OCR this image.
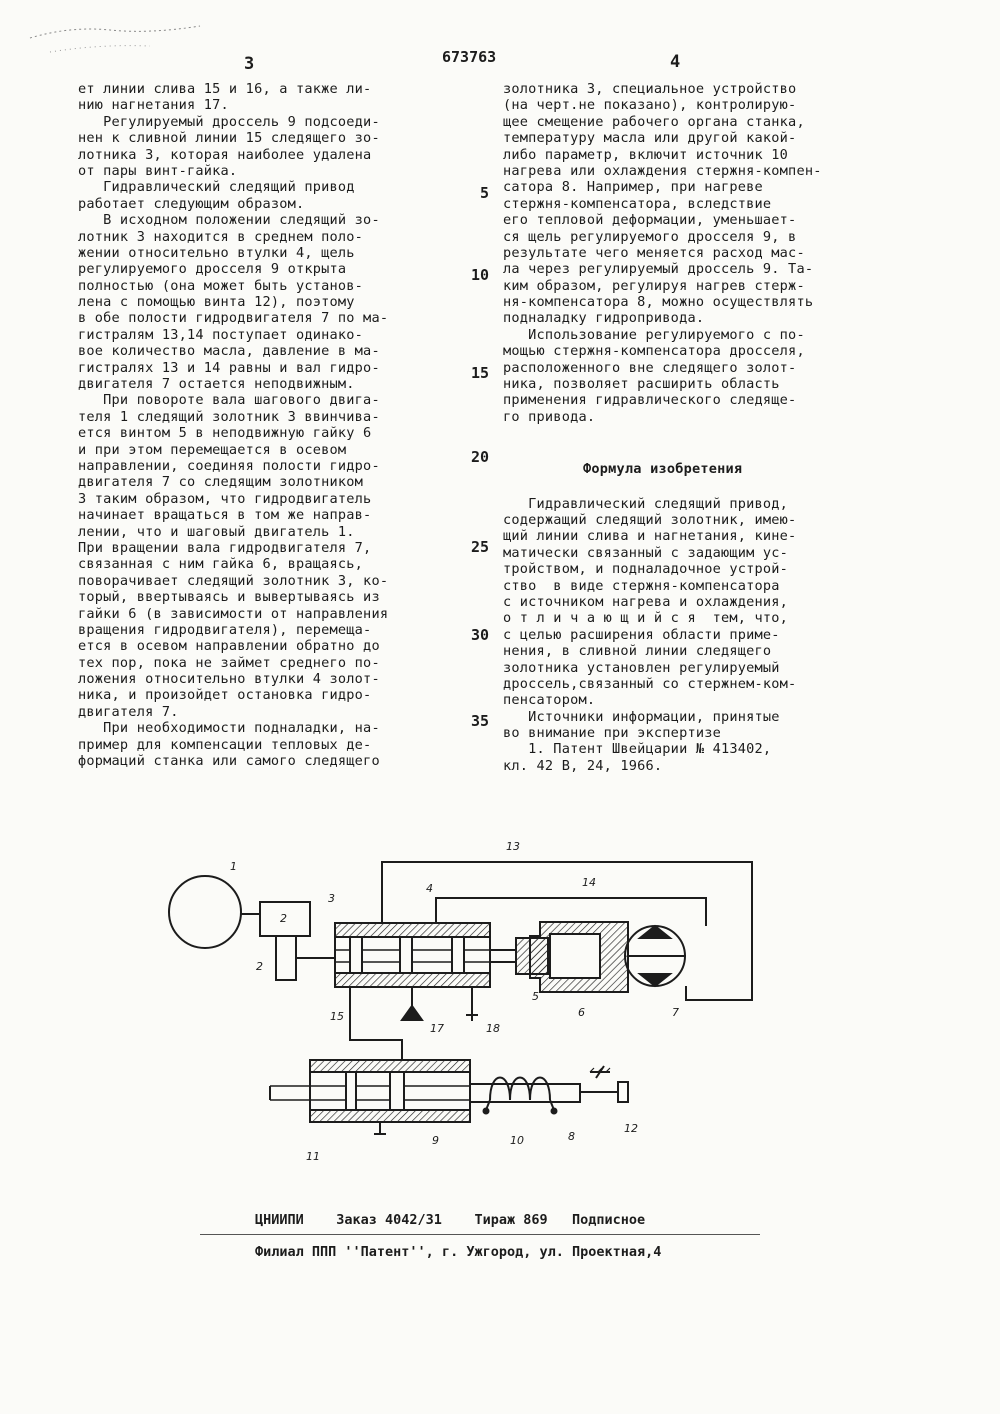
3	673763	4
ет линии слива 15 и 16, а также ли-
нию нагнетания 17.
Регулируемый дроссель 9 подсоеди-
нен к сливной линии 15 следящего зо-
лотника 3, которая наиболее удалена
от пары винт-гайка.
Гидравлический следящий привод
работает следующим образом.
В исходном положении следящий зо-
лотник 3 находится в среднем поло-
жении относительно втулки 4, щель
регулируемого дросселя 9 открыта
полностью (она может быть установ-
лена с помощью винта 12), поэтому
в обе полости гидродвигателя 7 по ма-
гистралям 13,14 поступает одинако-
вое количество масла, давление в ма-
гистралях 13 и 14 равны и вал гидро-
двигателя 7 остается неподвижным.
При повороте вала шагового двига-
теля 1 следящий золотник 3 ввинчива-
ется винтом 5 в неподвижную гайку 6
и при этом перемещается в осевом
направлении, соединяя полости гидро-
двигателя 7 со следящим золотником
3 таким образом, что гидродвигатель
начинает вращаться в том же направ-
лении, что и шаговый двигатель 1.
При вращении вала гидродвигателя 7,
связанная с ним гайка 6, вращаясь,
поворачивает следящий золотник 3, ко-
торый, ввертываясь и вывертываясь из
гайки 6 (в зависимости от направления
вращения гидродвигателя), перемеща-
ется в осевом направлении обратно до
тех пор, пока не займет среднего по-
ложения относительно втулки 4 золот-
ника, и произойдет остановка гидро-
двигателя 7.
При необходимости подналадки, на-
пример для компенсации тепловых де-
формаций станка или самого следящего
золотника 3, специальное устройство
(на черт.не показано), контролирую-
щее смещение рабочего органа станка,
температуру масла или другой какой-
либо параметр, включит источник 10
нагрева или охлаждения стержня-компен-
сатора 8. Например, при нагреве
стержня-компенсатора, вследствие
его тепловой деформации, уменьшает-
ся щель регулируемого дросселя 9, в
результате чего меняется расход мас-
ла через регулируемый дроссель 9. Та-
ким образом, регулируя нагрев стерж-
ня-компенсатора 8, можно осуществлять
подналадку гидропривода.
Использование регулируемого с по-
мощью стержня-компенсатора дросселя,
расположенного вне следящего золот-
ника, позволяет расширить область
применения гидравлического следяще-
го привода.
Формула изобретения
Гидравлический следящий привод,
содержащий следящий золотник, имею-
щий линии слива и нагнетания, кине-
матически связанный с задающим ус-
тройством, и подналадочное устрой-
ство  в виде стержня-компенсатора
с источником нагрева и охлаждения,
о т л и ч а ю щ и й с я  тем, что,
с целью расширения области приме-
нения, в сливной линии следящего
золотника установлен регулируемый
дроссель,связанный со стержнем-ком-
пенсатором.
Источники информации, принятые
во внимание при экспертизе
1. Патент Швейцарии № 413402,
кл. 42 В, 24, 1966.
5
10
15
20
25
30
35
1
2
2
3
4
5
6	7
8
9	10
11
12
13
14
15
17	18
ЦНИИПИ    Заказ 4042/31    Тираж 869   Подписное
Филиал ППП ''Патент'', г. Ужгород, ул. Проектная,4
